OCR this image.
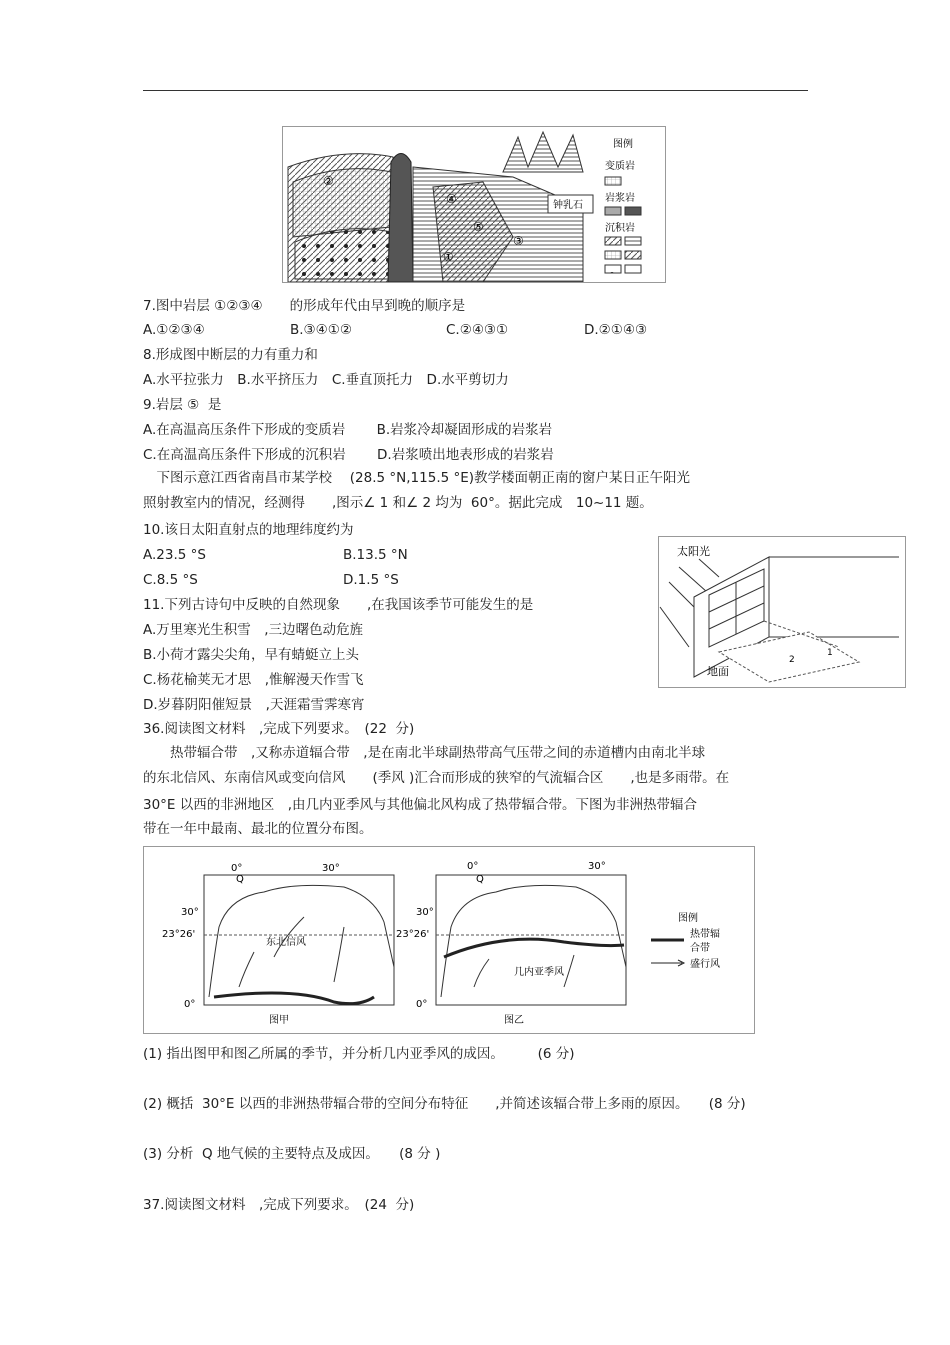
钟乳石
②
④
③
①
⑤
图例
变质岩
岩浆岩
沉积岩
7.图中岩层 ①②③④　　的形成年代由早到晚的顺序是
A.①②③④	B.③④①②	C.②④③①	D.②①④③
8.形成图中断层的力有重力和
A.水平拉张力　B.水平挤压力　C.垂直顶托力　D.水平剪切力
9.岩层 ⑤  是
A.在高温高压条件下形成的变质岩　　 B.岩浆冷却凝固形成的岩浆岩
C.在高温高压条件下形成的沉积岩　　 D.岩浆喷出地表形成的岩浆岩
　下图示意江西省南昌市某学校　 (28.5 °N,115.5 °E)教学楼面朝正南的窗户某日正午阳光
照射教室内的情况，经测得　　,图示∠ 1 和∠ 2 均为  60°。据此完成　10~11 题。
10.该日太阳直射点的地理纬度约为
A.23.5 °S	B.13.5 °N
C.8.5 °S	D.1.5 °S
太阳光
地面
1
2
11.下列古诗句中反映的自然现象　　,在我国该季节可能发生的是
A.万里寒光生积雪　,三边曙色动危旌
B.小荷才露尖尖角，早有蜻蜓立上头
C.杨花榆荚无才思　,惟解漫天作雪飞
D.岁暮阴阳催短景　,天涯霜雪霁寒宵
36.阅读图文材料　,完成下列要求。　(22  分)
　　热带辐合带　,又称赤道辐合带　,是在南北半球副热带高气压带之间的赤道槽内由南北半球
的东北信风、东南信风或变向信风　　(季风 )汇合而形成的狭窄的气流辐合区　　,也是多雨带。在
30°E 以西的非洲地区　,由几内亚季风与其他偏北风构成了热带辐合带。下图为非洲热带辐合
带在一年中最南、最北的位置分布图。
0°	30°
30°
23°26'
0°
东北信风
Q
图甲
0°	30°
30°
23°26'
0°
几内亚季风
Q
图乙
图例
热带辐
合带
盛行风
(1) 指出图甲和图乙所属的季节，并分析几内亚季风的成因。　　　(6 分)
(2) 概括  30°E 以西的非洲热带辐合带的空间分布特征　　,并简述该辐合带上多雨的原因。　　(8 分)
(3) 分析  Q 地气候的主要特点及成因。　　(8 分 )
37.阅读图文材料　,完成下列要求。　(24  分)
